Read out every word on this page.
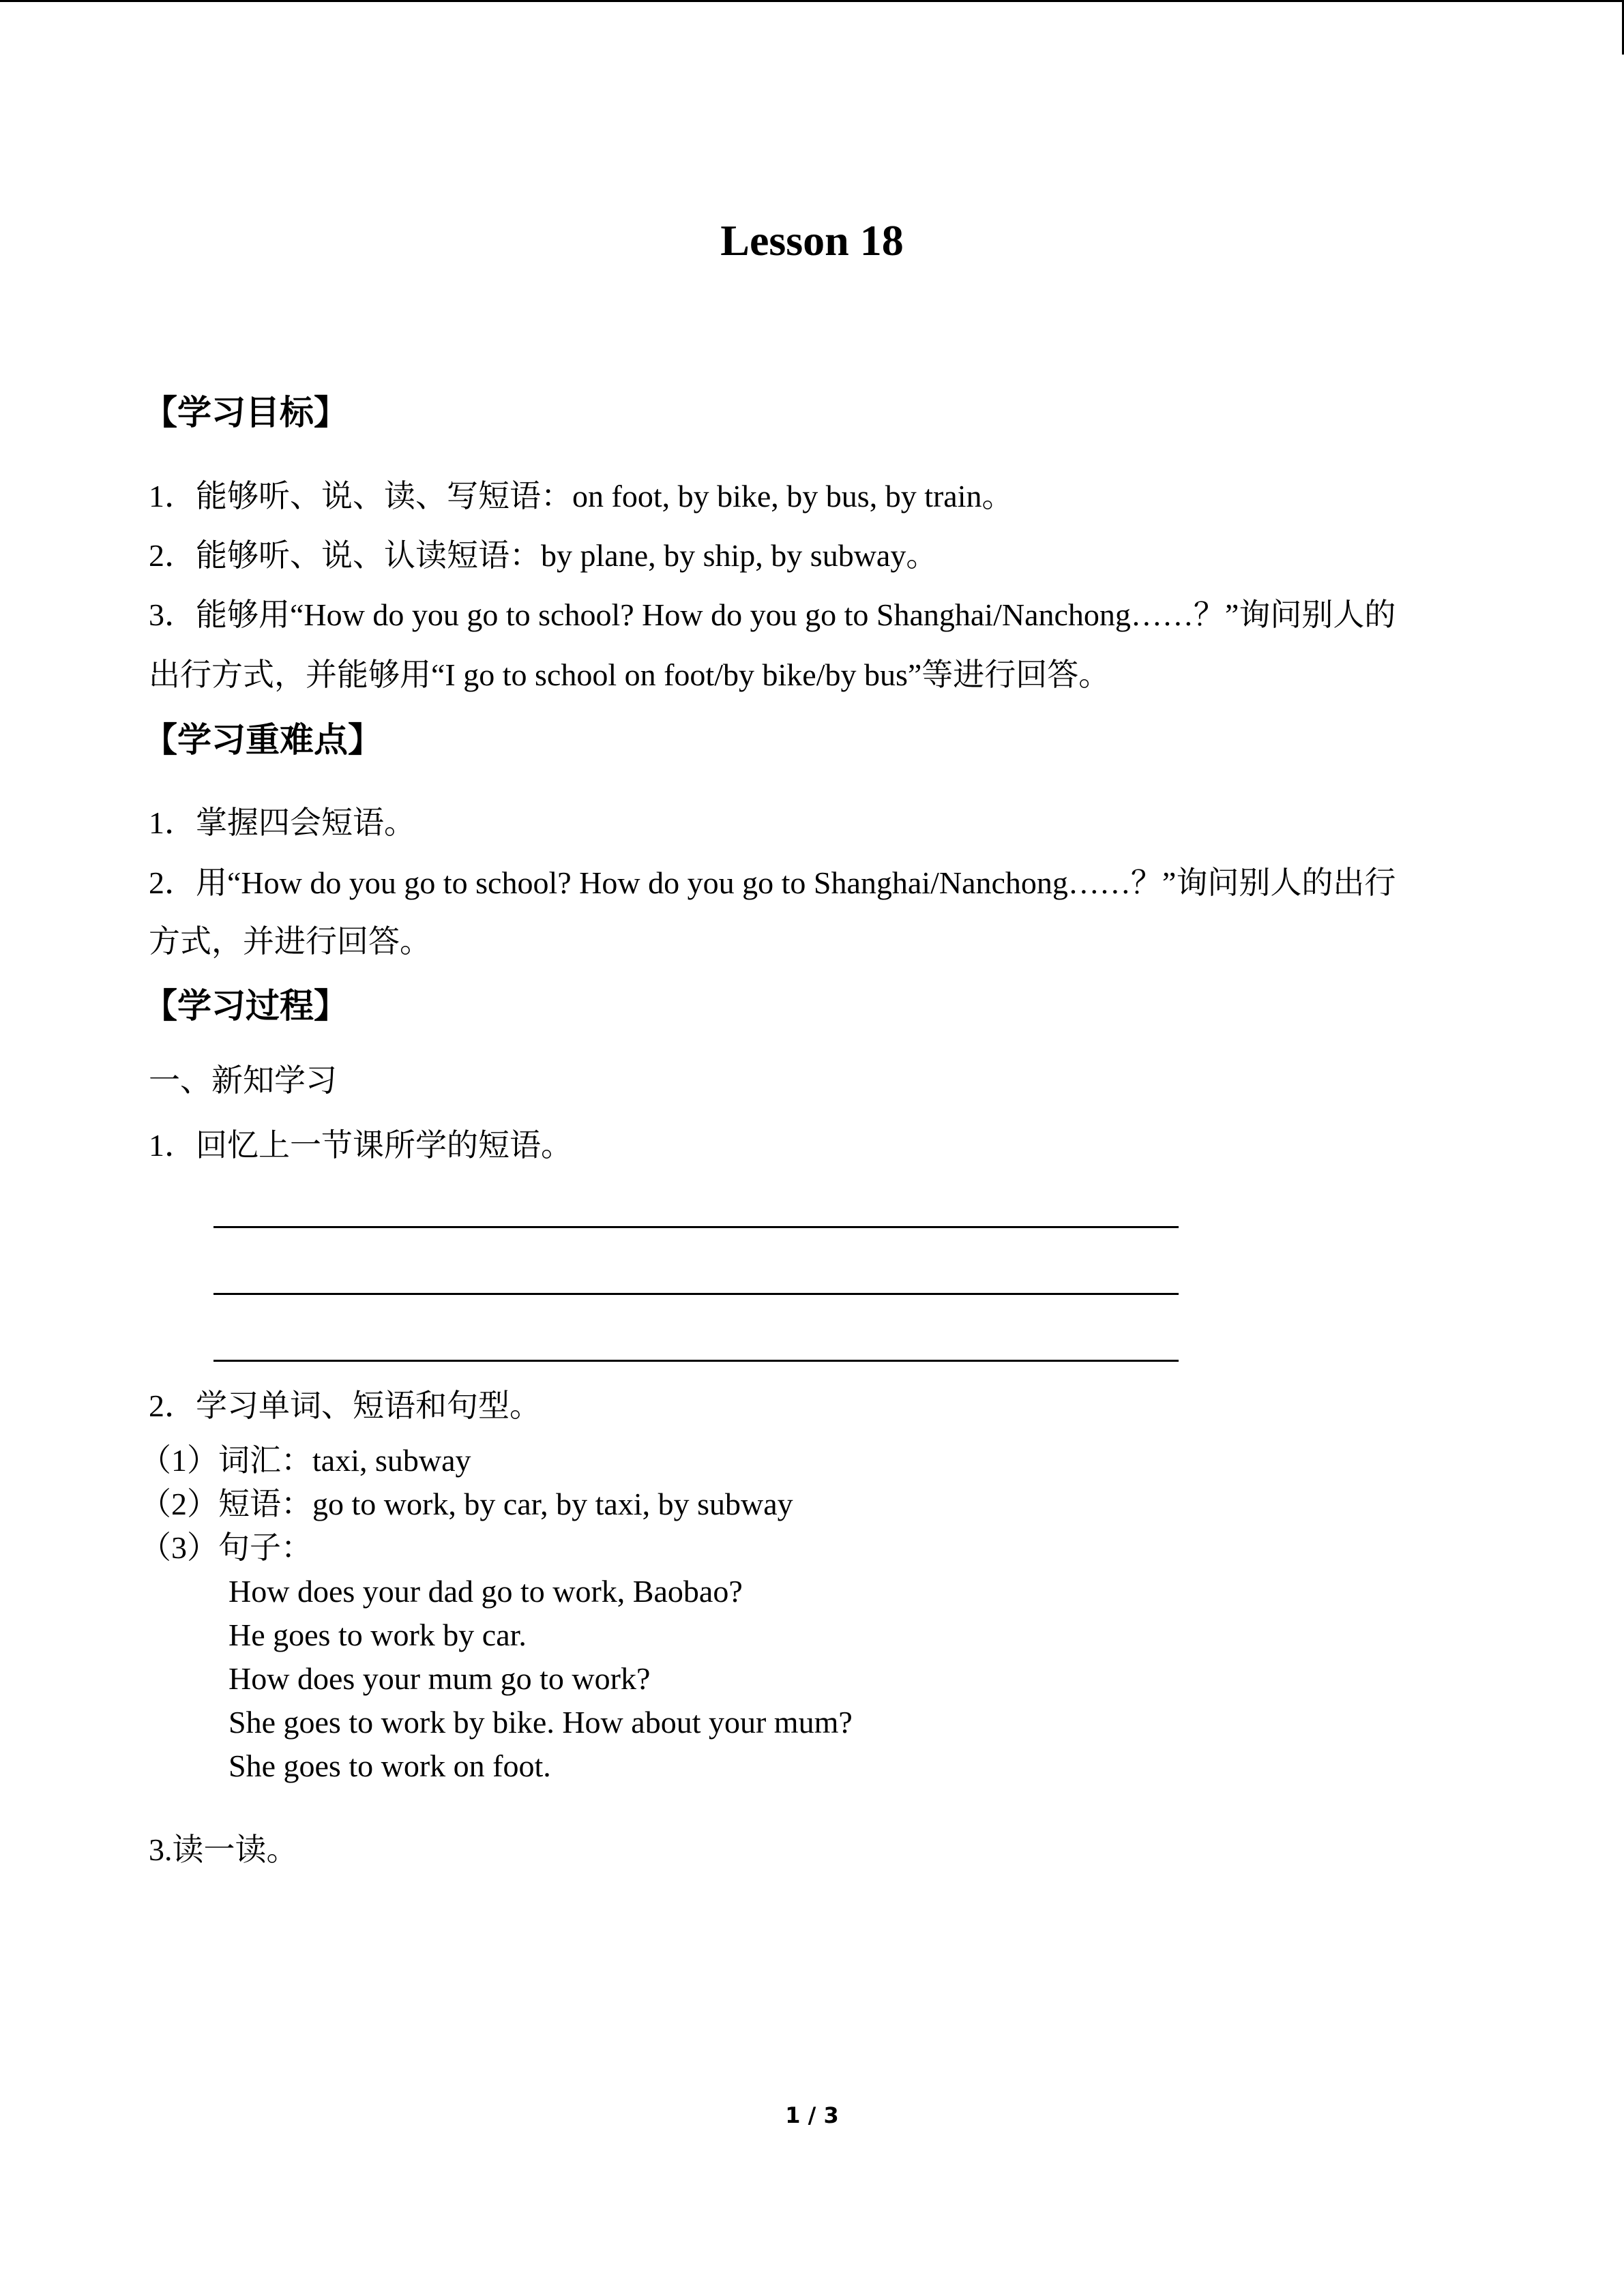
Lesson 18
【学习目标】
1．能够听、说、读、写短语：on foot, by bike, by bus, by train。
2．能够听、说、认读短语：by plane, by ship, by subway。
3．能够用“How do you go to school? How do you go to Shanghai/Nanchong……？”询问别人的
出行方式，并能够用“I go to school on foot/by bike/by bus”等进行回答。
【学习重难点】
1．掌握四会短语。
2．用“How do you go to school? How do you go to Shanghai/Nanchong……？”询问别人的出行
方式，并进行回答。
【学习过程】
一、新知学习
1．回忆上一节课所学的短语。
2．学习单词、短语和句型。
（1）词汇：taxi, subway
（2）短语：go to work, by car, by taxi, by subway
（3）句子：
How does your dad go to work, Baobao?
He goes to work by car.
How does your mum go to work?
She goes to work by bike. How about your mum?
She goes to work on foot.
3.读一读。
1 / 3
